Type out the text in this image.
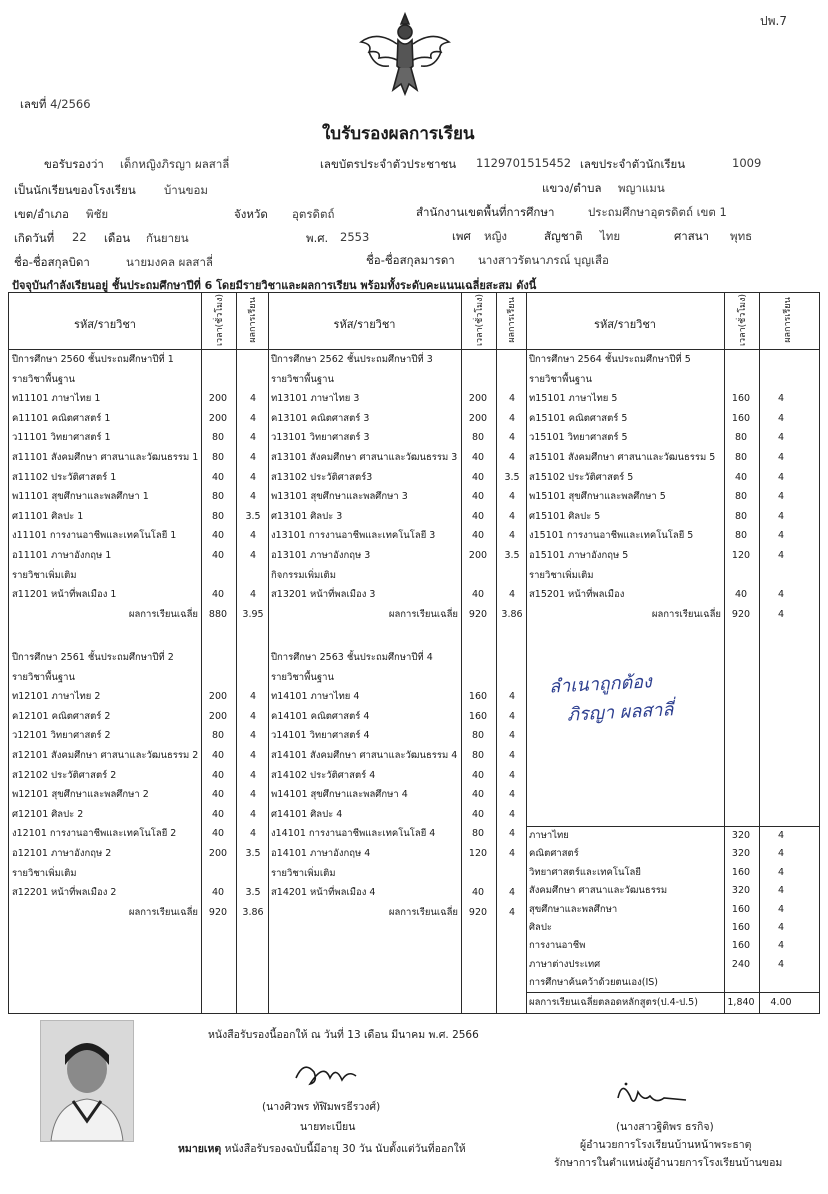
ปพ.7
เลขที่ 4/2566
ใบรับรองผลการเรียน
ขอรับรองว่า เด็กหญิงภิรญา ผลสาลี่	เลขบัตรประจำตัวประชาชน 1129701515452 เลขประจำตัวนักเรียน	1009
เป็นนักเรียนของโรงเรียน บ้านขอม	แขวง/ตำบล พญาแมน
เขต/อำเภอ พิชัย	จังหวัด อุตรดิตถ์	สำนักงานเขตพื้นที่การศึกษา	ประถมศึกษาอุตรดิตถ์ เขต 1
เกิดวันที่ 22 เดือน กันยายน	พ.ศ. 2553	เพศ หญิง	สัญชาติ ไทย	ศาสนา พุทธ
ชื่อ-ชื่อสกุลบิดา	นายมงคล ผลสาลี่	ชื่อ-ชื่อสกุลมารดา นางสาวรัตนาภรณ์ บุญเสือ
ปัจจุบันกำลังเรียนอยู่ ชั้นประถมศึกษาปีที่ 6 โดยมีรายวิชาและผลการเรียน พร้อมทั้งระดับคะแนนเฉลี่ยสะสม ดังนี้
รหัส/รายวิชา	เวลา(ชั่วโมง)	ผลการเรียน	รหัส/รายวิชา	เวลา(ชั่วโมง)	ผลการเรียน	รหัส/รายวิชา	เวลา(ชั่วโมง)	ผลการเรียน
ปีการศึกษา 2560 ชั้นประถมศึกษาปีที่ 1
รายวิชาพื้นฐาน
ท11101 ภาษาไทย 1	200	4
ค11101 คณิตศาสตร์ 1	200	4
ว11101 วิทยาศาสตร์ 1	80	4
ส11101 สังคมศึกษา ศาสนาและวัฒนธรรม 1	80	4
ส11102 ประวัติศาสตร์ 1	40	4
พ11101 สุขศึกษาและพลศึกษา 1	80	4
ศ11101 ศิลปะ 1	80	3.5
ง11101 การงานอาชีพและเทคโนโลยี 1	40	4
อ11101 ภาษาอังกฤษ 1	40	4
รายวิชาเพิ่มเติม
ส11201 หน้าที่พลเมือง 1	40	4
ผลการเรียนเฉลี่ย	880	3.95
ปีการศึกษา 2561 ชั้นประถมศึกษาปีที่ 2
รายวิชาพื้นฐาน
ท12101 ภาษาไทย 2	200	4
ค12101 คณิตศาสตร์ 2	200	4
ว12101 วิทยาศาสตร์ 2	80	4
ส12101 สังคมศึกษา ศาสนาและวัฒนธรรม 2	40	4
ส12102 ประวัติศาสตร์ 2	40	4
พ12101 สุขศึกษาและพลศึกษา 2	40	4
ศ12101 ศิลปะ 2	40	4
ง12101 การงานอาชีพและเทคโนโลยี 2	40	4
อ12101 ภาษาอังกฤษ 2	200	3.5
รายวิชาเพิ่มเติม
ส12201 หน้าที่พลเมือง 2	40	3.5
ผลการเรียนเฉลี่ย	920	3.86
ปีการศึกษา 2562 ชั้นประถมศึกษาปีที่ 3
รายวิชาพื้นฐาน
ท13101 ภาษาไทย 3	200	4
ค13101 คณิตศาสตร์ 3	200	4
ว13101 วิทยาศาสตร์ 3	80	4
ส13101 สังคมศึกษา ศาสนาและวัฒนธรรม 3	40	4
ส13102 ประวัติศาสตร์3	40	3.5
พ13101 สุขศึกษาและพลศึกษา 3	40	4
ศ13101 ศิลปะ 3	40	4
ง13101 การงานอาชีพและเทคโนโลยี 3	40	4
อ13101 ภาษาอังกฤษ 3	200	3.5
กิจกรรมเพิ่มเติม
ส13201 หน้าที่พลเมือง 3	40	4
ผลการเรียนเฉลี่ย	920	3.86
ปีการศึกษา 2563 ชั้นประถมศึกษาปีที่ 4
รายวิชาพื้นฐาน
ท14101 ภาษาไทย 4	160	4
ค14101 คณิตศาสตร์ 4	160	4
ว14101 วิทยาศาสตร์ 4	80	4
ส14101 สังคมศึกษา ศาสนาและวัฒนธรรม 4	80	4
ส14102 ประวัติศาสตร์ 4	40	4
พ14101 สุขศึกษาและพลศึกษา 4	40	4
ศ14101 ศิลปะ 4	40	4
ง14101 การงานอาชีพและเทคโนโลยี 4	80	4
อ14101 ภาษาอังกฤษ 4	120	4
รายวิชาเพิ่มเติม
ส14201 หน้าที่พลเมือง 4	40	4
ผลการเรียนเฉลี่ย	920	4
ปีการศึกษา 2564 ชั้นประถมศึกษาปีที่ 5
รายวิชาพื้นฐาน
ท15101 ภาษาไทย 5	160	4
ค15101 คณิตศาสตร์ 5	160	4
ว15101 วิทยาศาสตร์ 5	80	4
ส15101 สังคมศึกษา ศาสนาและวัฒนธรรม 5	80	4
ส15102 ประวัติศาสตร์ 5	40	4
พ15101 สุขศึกษาและพลศึกษา 5	80	4
ศ15101 ศิลปะ 5	80	4
ง15101 การงานอาชีพและเทคโนโลยี 5	80	4
อ15101 ภาษาอังกฤษ 5	120	4
รายวิชาเพิ่มเติม
ส15201 หน้าที่พลเมือง	40	4
ผลการเรียนเฉลี่ย	920	4
ภาษาไทย	320	4
คณิตศาสตร์	320	4
วิทยาศาสตร์และเทคโนโลยี	160	4
สังคมศึกษา ศาสนาและวัฒนธรรม	320	4
สุขศึกษาและพลศึกษา	160	4
ศิลปะ	160	4
การงานอาชีพ	160	4
ภาษาต่างประเทศ	240	4
การศึกษาค้นคว้าด้วยตนเอง(IS)
ผลการเรียนเฉลี่ยตลอดหลักสูตร(ป.4-ป.5)	1,840	4.00
ลำเนาถูกต้อง
ภิรญา ผลสาลี่
หนังสือรับรองนี้ออกให้ ณ วันที่ 13 เดือน มีนาคม พ.ศ. 2566
(นางศิวพร ทัฬิมพรธีรวงศ์)
นายทะเบียน
หมายเหตุ หนังสือรับรองฉบับนี้มีอายุ 30 วัน นับตั้งแต่วันที่ออกให้
(นางสาวฐิติพร ธรกิจ)
ผู้อำนวยการโรงเรียนบ้านหน้าพระธาตุ
รักษาการในตำแหน่งผู้อำนวยการโรงเรียนบ้านขอม
